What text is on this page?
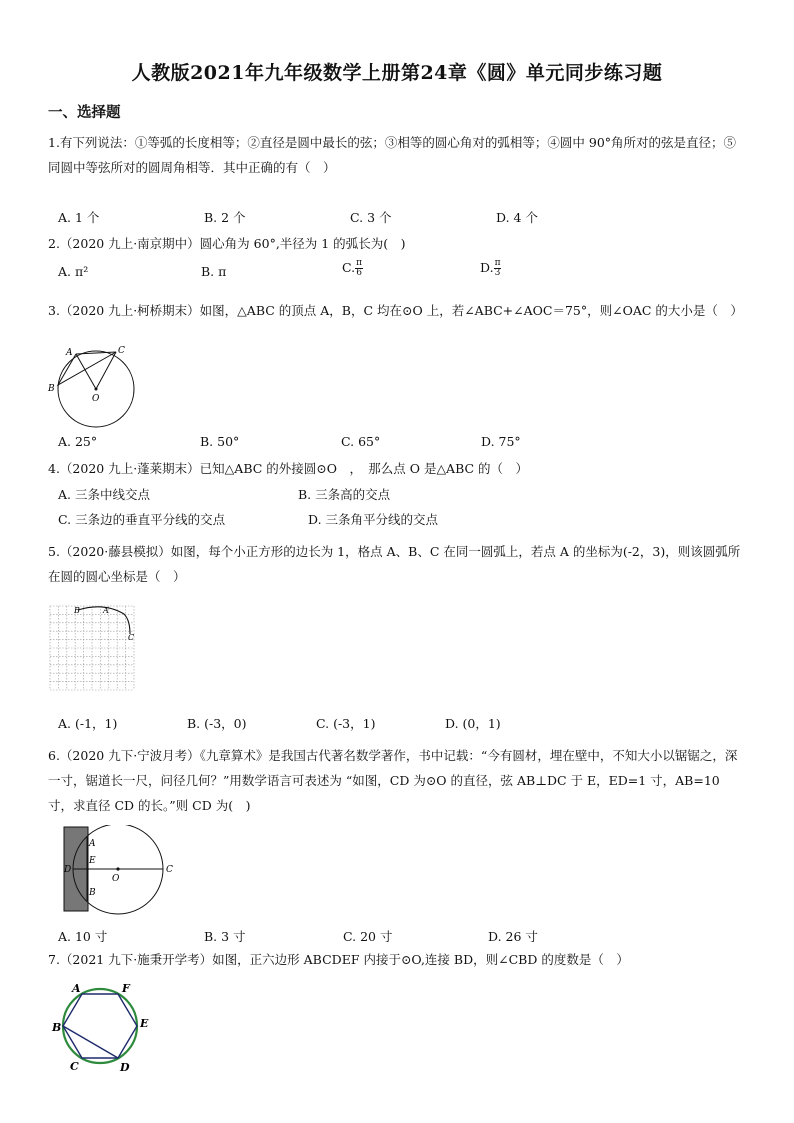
人教版2021年九年级数学上册第24章《圆》单元同步练习题
一、选择题
1.有下列说法：①等弧的长度相等；②直径是圆中最长的弦；③相等的圆心角对的弧相等；④圆中 90°角所对的弦是直径；⑤同圆中等弦所对的圆周角相等．其中正确的有（　）
A. 1 个	B. 2 个	C. 3 个	D. 4 个
2.（2020 九上·南京期中）圆心角为 60°,半径为 1 的弧长为(　)
A. π²	B. π	C. $\frac{\pi}{6}$	D. $\frac{\pi}{3}$
3.（2020 九上·柯桥期末）如图，△ABC 的顶点 A，B，C 均在⊙O 上，若∠ABC+∠AOC＝75°，则∠OAC 的大小是（　）
A	C
B
O
A. 25°	B. 50°	C. 65°	D. 75°
4.（2020 九上·蓬莱期末）已知△ABC 的外接圆⊙O　，　那么点 O 是△ABC 的（　）
A. 三条中线交点	B. 三条高的交点
C. 三条边的垂直平分线的交点	D. 三条角平分线的交点
5.（2020·藤县模拟）如图，每个小正方形的边长为 1，格点 A、B、C 在同一圆弧上，若点 A 的坐标为(-2，3)，则该圆弧所在圆的圆心坐标是（　）
B	A
C
A. (-1，1)	B. (-3，0)	C. (-3，1)	D. (0，1)
6.（2020 九下·宁波月考）《九章算术》是我国古代著名数学著作，书中记载：“今有圆材，埋在壁中，不知大小以锯锯之，深一寸，锯道长一尺，问径几何？”用数学语言可表述为 “如图，CD 为⊙O 的直径，弦 AB⊥DC 于 E，ED=1 寸，AB=10 寸，求直径 CD 的长。”则 CD 为(　)
A
E
D
B
O
C
A. 10 寸	B. 3 寸	C. 20 寸	D. 26 寸
7.（2021 九下·施秉开学考）如图，正六边形 ABCDEF 内接于⊙O,连接 BD，则∠CBD 的度数是（　）
A	F
B	E
C	D
